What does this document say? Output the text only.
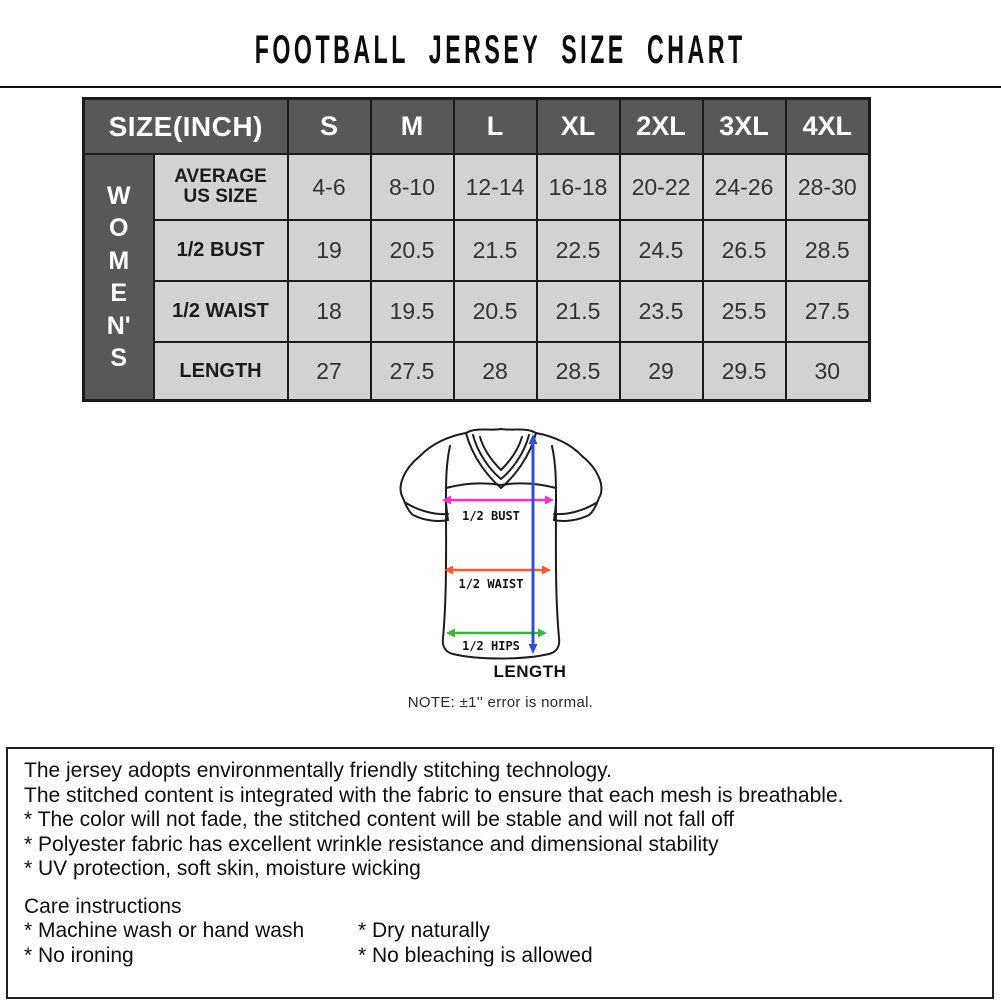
FOOTBALL JERSEY SIZE CHART
SIZE(INCH)		S	M	L	XL	2XL	3XL	4XL

W
O
M
E
N'
S
	AVERAGE US SIZE	4-6	8-10	12-14	16-18	20-22	24-26	28-30
	1/2 BUST	19	20.5	21.5	22.5	24.5	26.5	28.5
	1/2 WAIST	18	19.5	20.5	21.5	23.5	25.5	27.5
	LENGTH	27	27.5	28	28.5	29	29.5	30
1/2 BUST
1/2 WAIST
1/2 HIPS
LENGTH
NOTE: ±1'' error is normal.
The jersey adopts environmentally friendly stitching technology.
The stitched content is integrated with the fabric to ensure that each mesh is breathable.
* The color will not fade, the stitched content will be stable and will not fall off
* Polyester fabric has excellent wrinkle resistance and dimensional stability
* UV protection, soft skin, moisture wicking
Care instructions
* Machine wash or hand wash	* Dry naturally
* No ironing	* No bleaching is allowed
